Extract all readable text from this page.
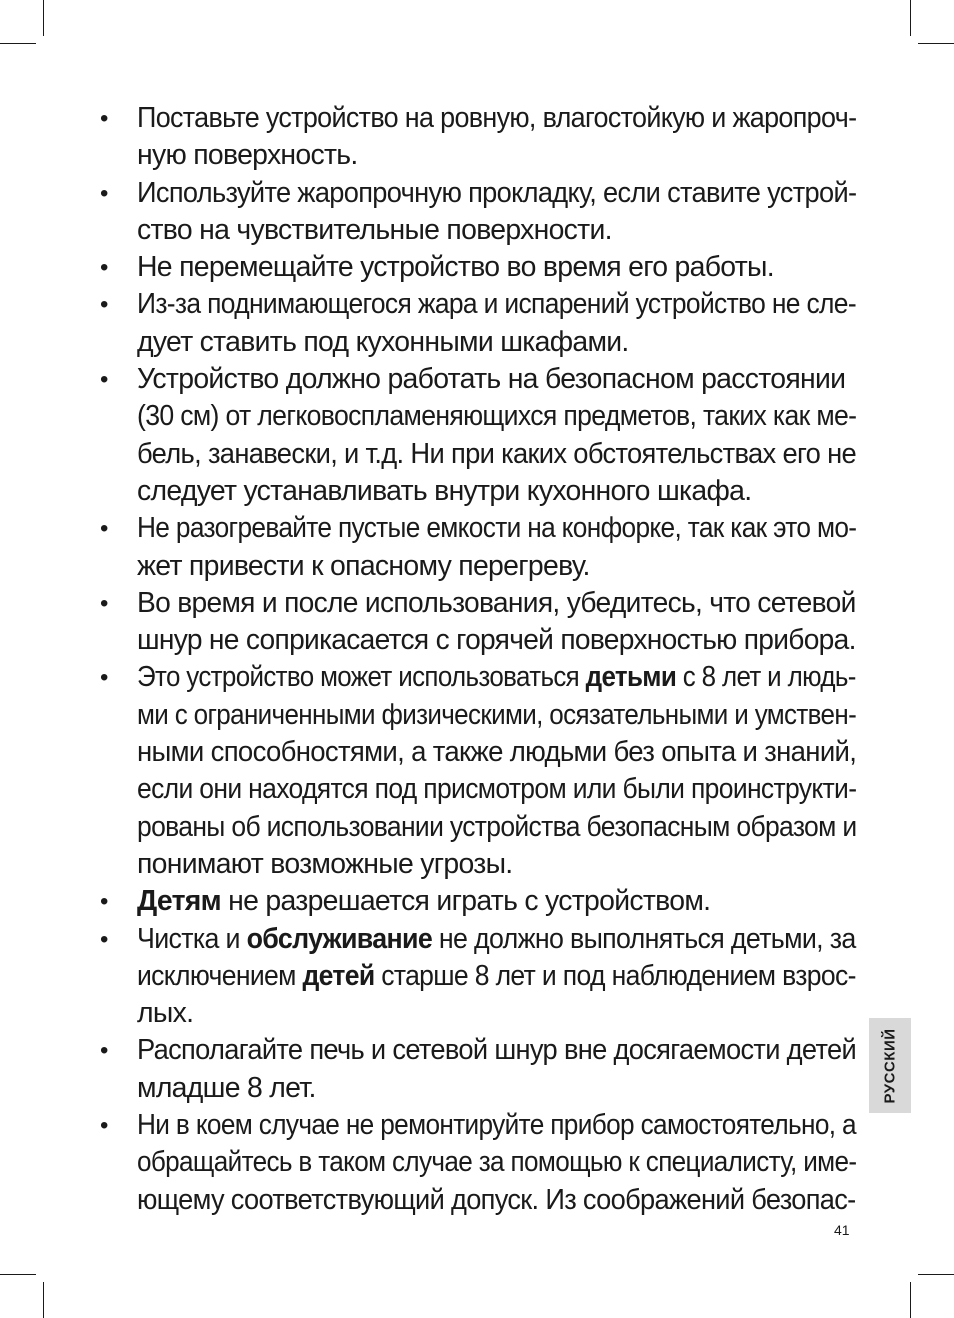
• Поставьте устройство на ровную, влагостойкую и жаропроч-
ную поверхность.
• Используйте жаропрочную прокладку, если ставите устрой-
ство на чувствительные поверхности.
• Не перемещайте устройство во время его работы.
• Из-за поднимающегося жара и испарений устройство не сле-
дует ставить под кухонными шкафами.
• Устройство должно работать на безопасном расстоянии
(30 см) от легковоспламеняющихся предметов, таких как ме-
бель, занавески, и т.д. Ни при каких обстоятельствах его не
следует устанавливать внутри кухонного шкафа.
• Не разогревайте пустые емкости на конфорке, так как это мо-
жет привести к опасному перегреву.
• Во время и после использования, убедитесь, что сетевой
шнур не соприкасается с горячей поверхностью прибора.
• Это устройство может использоваться детьми с 8 лет и людь-
ми с ограниченными физическими, осязательными и умствен-
ными способностями, а также людьми без опыта и знаний,
если они находятся под присмотром или были проинструкти-
рованы об использовании устройства безопасным образом и
понимают возможные угрозы.
• Детям не разрешается играть с устройством.
• Чистка и обслуживание не должно выполняться детьми, за
исключением детей старше 8 лет и под наблюдением взрос-
лых.
• Располагайте печь и сетевой шнур вне досягаемости детей
младше 8 лет.
• Ни в коем случае не ремонтируйте прибор самостоятельно, а
обращайтесь в таком случае за помощью к специалисту, име-
ющему соответствующий допуск. Из соображений безопас-
РУССКИЙ
41
